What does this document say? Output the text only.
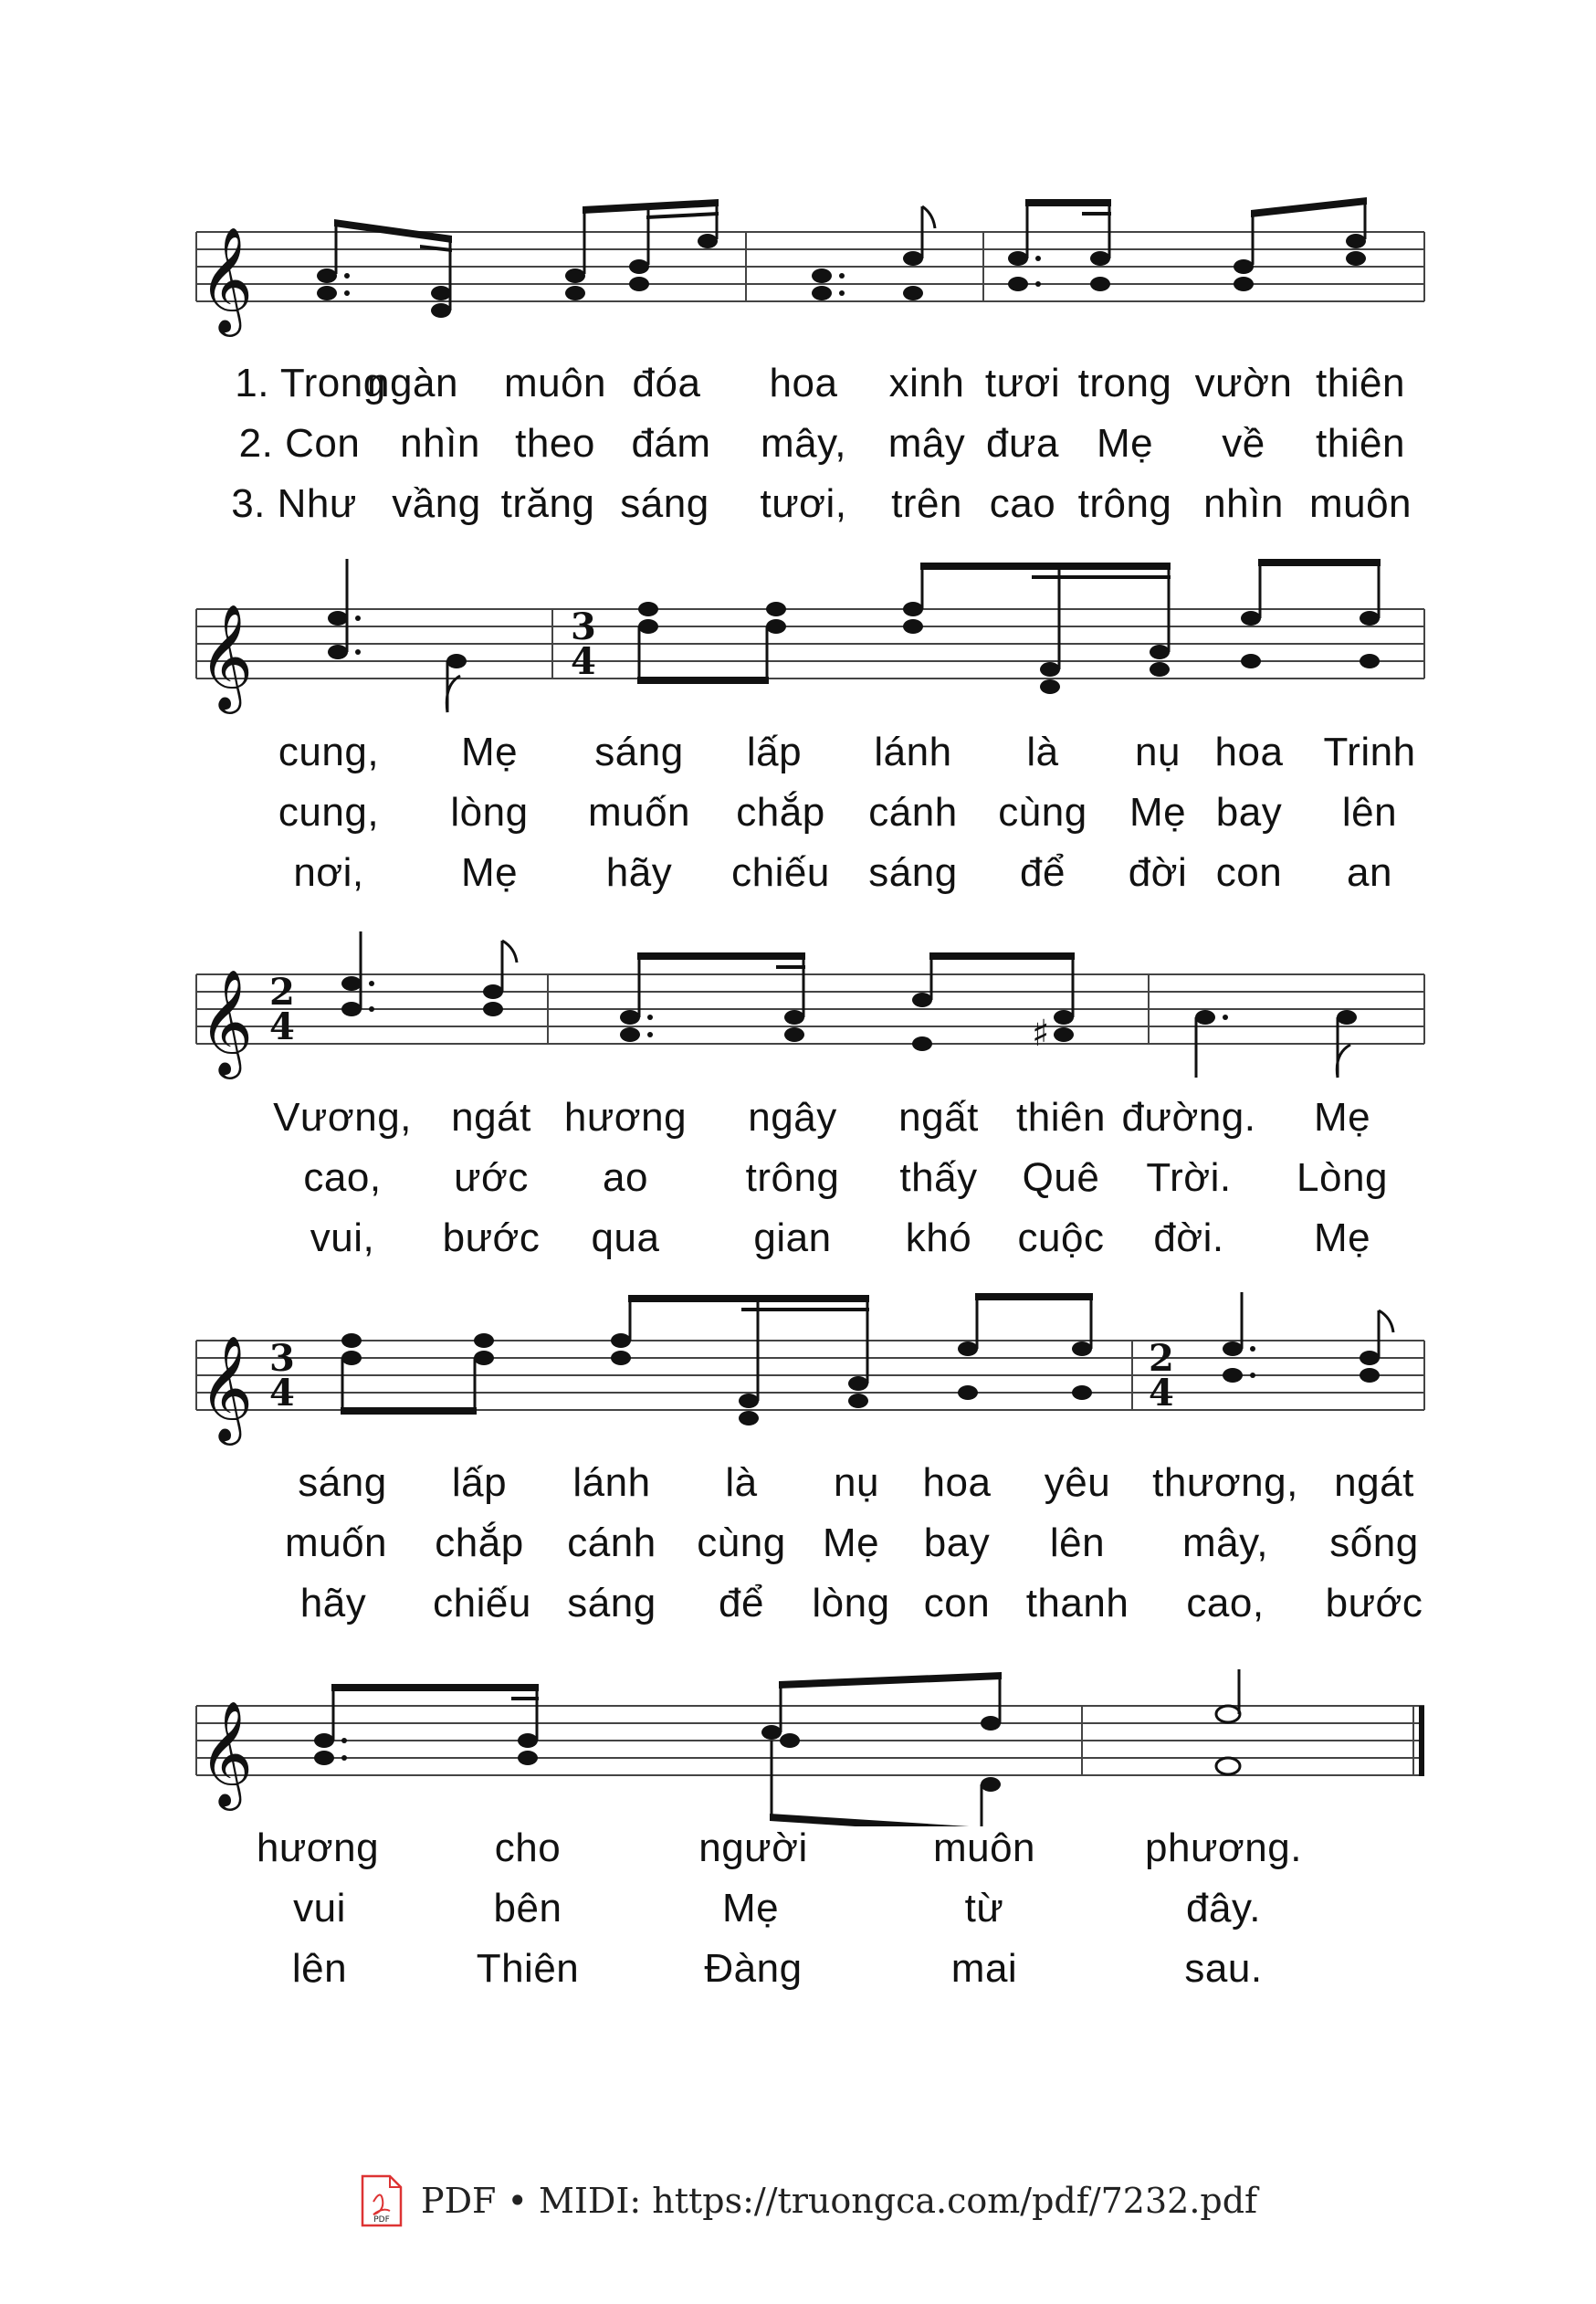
𝄞
1. Trong
ngàn muôn đóa hoa xinh tươi trong vườn thiên
2. Con nhìn theo đám mây, mây đưa Mẹ về thiên
3. Như vầng trăng sáng tươi, trên cao trông nhìn muôn
𝄞	3
4
cung, Mẹ sáng lấp lánh là nụ hoa Trinh
cung, lòng muốn chắp cánh cùng Mẹ bay lên
nơi, Mẹ hãy chiếu sáng để đời con an
𝄞 2
4	♯
Vương, ngát hương ngây ngất thiên đường. Mẹ
cao, ước ao trông thấy Quê Trời. Lòng
vui, bước qua gian khó cuộc đời. Mẹ
𝄞 3
4
2
4
sáng lấp lánh là nụ hoa yêu thương, ngát
muốn chắp cánh cùng Mẹ bay lên mây, sống
hãy chiếu sáng để lòng con thanh cao, bước
𝄞
hương	cho	người	muôn	phương.
vui	bên	Mẹ	từ	đây.
lên	Thiên	Đàng	mai	sau.
PDF PDF • MIDI: https://truongca.com/pdf/7232.pdf
